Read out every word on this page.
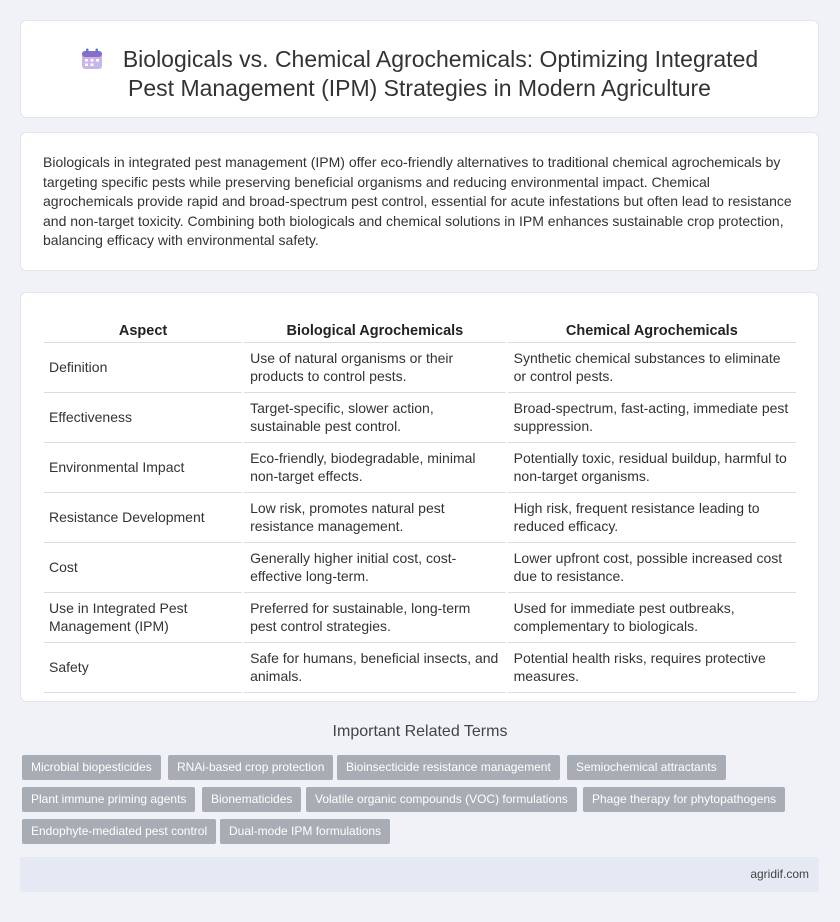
Biologicals vs. Chemical Agrochemicals: Optimizing Integrated
Pest Management (IPM) Strategies in Modern Agriculture

Biologicals in integrated pest management (IPM) offer eco-friendly alternatives to traditional chemical agrochemicals by targeting specific pests while preserving beneficial organisms and reducing environmental impact. Chemical agrochemicals provide rapid and broad-spectrum pest control, essential for acute infestations but often lead to resistance and non-target toxicity. Combining both biologicals and chemical solutions in IPM enhances sustainable crop protection, balancing efficacy with environmental safety.

Aspect	Biological Agrochemicals	Chemical Agrochemicals
Definition	Use of natural organisms or their products to control pests.	Synthetic chemical substances to eliminate or control pests.
Effectiveness	Target-specific, slower action, sustainable pest control.	Broad-spectrum, fast-acting, immediate pest suppression.
Environmental Impact	Eco-friendly, biodegradable, minimal non-target effects.	Potentially toxic, residual buildup, harmful to non-target organisms.
Resistance Development	Low risk, promotes natural pest resistance management.	High risk, frequent resistance leading to reduced efficacy.
Cost	Generally higher initial cost, cost-effective long-term.	Lower upfront cost, possible increased cost due to resistance.
Use in Integrated Pest Management (IPM)	Preferred for sustainable, long-term pest control strategies.	Used for immediate pest outbreaks, complementary to biologicals.
Safety	Safe for humans, beneficial insects, and animals.	Potential health risks, requires protective measures.
Important Related Terms
Microbial biopesticides	RNAi-based crop protection	Bioinsecticide resistance management	Semiochemical attractants
Plant immune priming agents	Bionematicides	Volatile organic compounds (VOC) formulations	Phage therapy for phytopathogens
Endophyte-mediated pest control	Dual-mode IPM formulations
agridif.com
